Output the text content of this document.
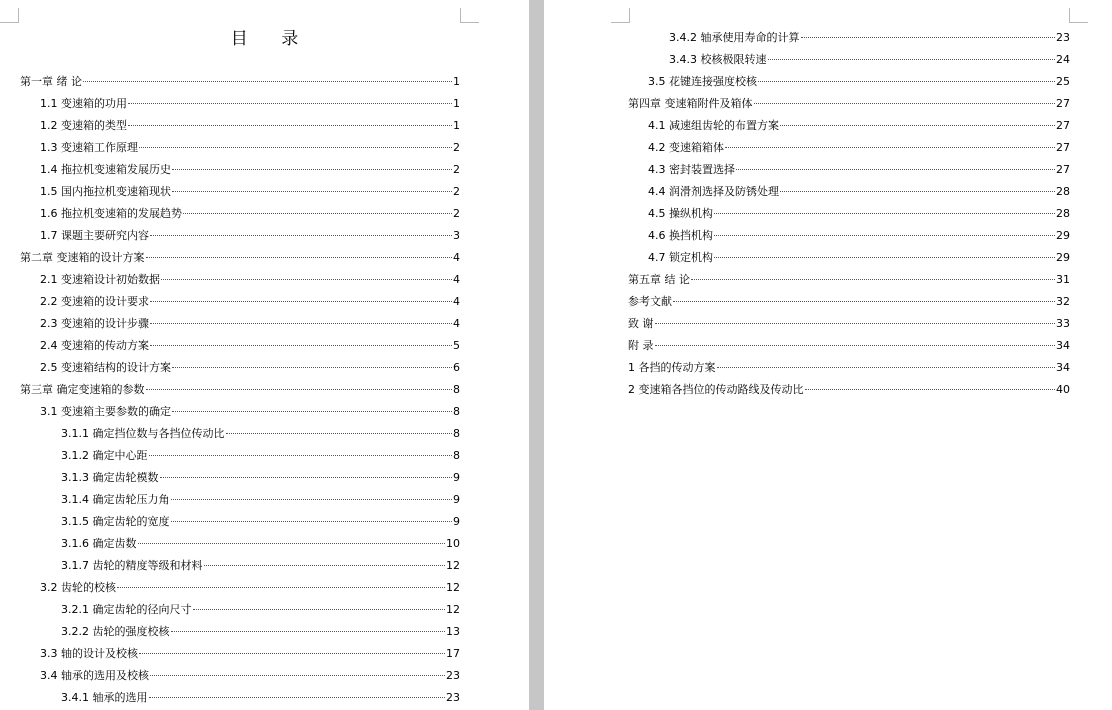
目 录
第一章 绪 论	1
1.1 变速箱的功用	1
1.2 变速箱的类型	1
1.3 变速箱工作原理	2
1.4 拖拉机变速箱发展历史	2
1.5 国内拖拉机变速箱现状	2
1.6 拖拉机变速箱的发展趋势	2
1.7 课题主要研究内容	3
第二章 变速箱的设计方案	4
2.1 变速箱设计初始数据	4
2.2 变速箱的设计要求	4
2.3 变速箱的设计步骤	4
2.4 变速箱的传动方案	5
2.5 变速箱结构的设计方案	6
第三章 确定变速箱的参数	8
3.1 变速箱主要参数的确定	8
3.1.1 确定挡位数与各挡位传动比	8
3.1.2 确定中心距	8
3.1.3 确定齿轮模数	9
3.1.4 确定齿轮压力角	9
3.1.5 确定齿轮的宽度	9
3.1.6 确定齿数	10
3.1.7 齿轮的精度等级和材料	12
3.2 齿轮的校核	12
3.2.1 确定齿轮的径向尺寸	12
3.2.2 齿轮的强度校核	13
3.3 轴的设计及校核	17
3.4 轴承的选用及校核	23
3.4.1 轴承的选用	23
3.4.2 轴承使用寿命的计算	23
3.4.3 校核极限转速	24
3.5 花键连接强度校核	25
第四章 变速箱附件及箱体	27
4.1 减速组齿轮的布置方案	27
4.2 变速箱箱体	27
4.3 密封装置选择	27
4.4 润滑剂选择及防锈处理	28
4.5 操纵机构	28
4.6 换挡机构	29
4.7 锁定机构	29
第五章 结 论	31
参考文献	32
致 谢	33
附 录	34
1 各挡的传动方案	34
2 变速箱各挡位的传动路线及传动比	40
